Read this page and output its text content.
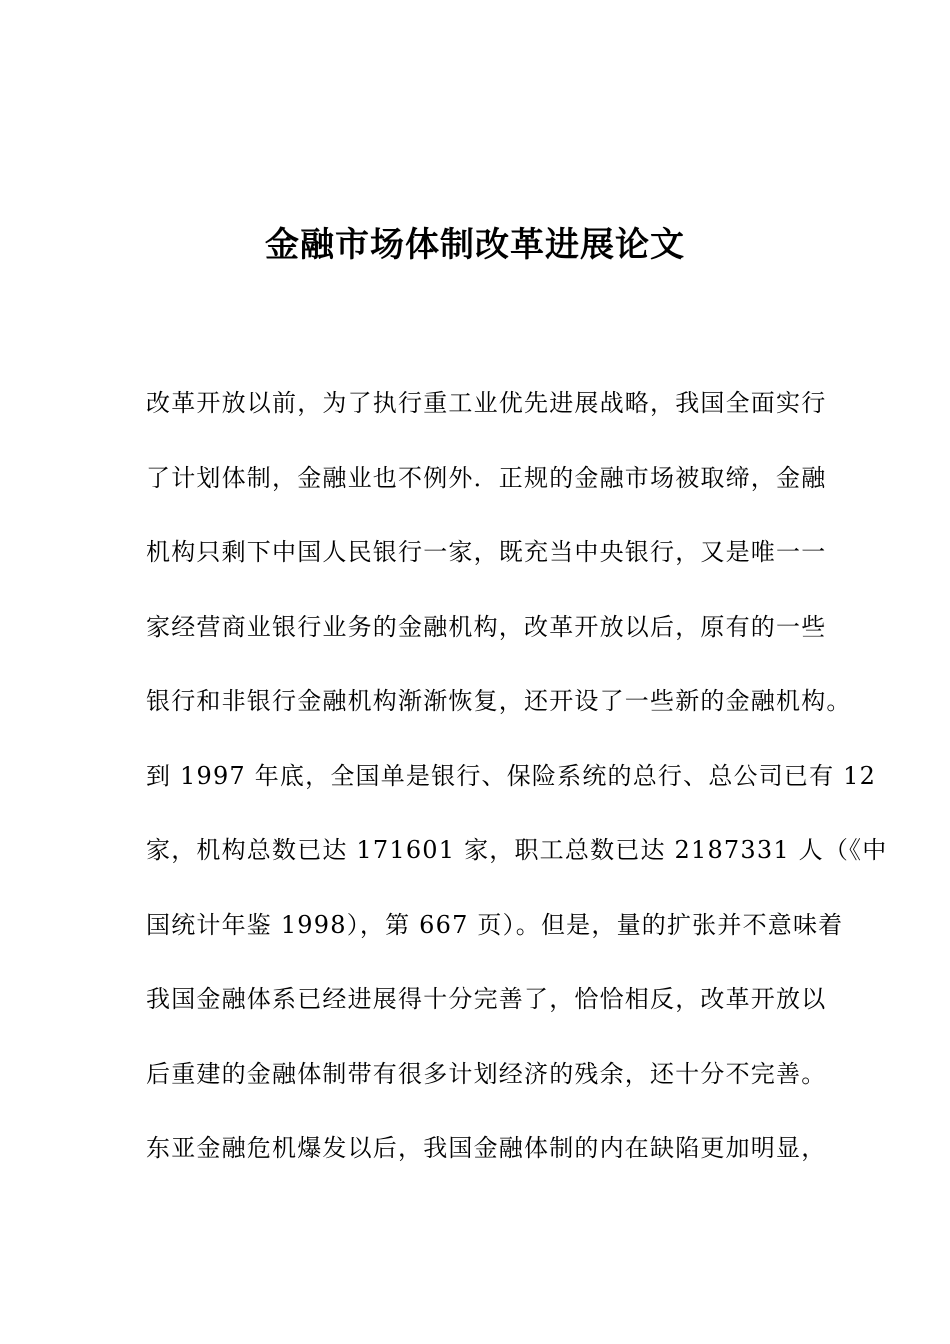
金融市场体制改革进展论文
改革开放以前，为了执行重工业优先进展战略，我国全面实行
了计划体制，金融业也不例外．正规的金融市场被取缔，金融
机构只剩下中国人民银行一家，既充当中央银行，又是唯一一
家经营商业银行业务的金融机构，改革开放以后，原有的一些
银行和非银行金融机构渐渐恢复，还开设了一些新的金融机构。
到 1997 年底，全国单是银行、保险系统的总行、总公司已有 12
家，机构总数已达 171601 家，职工总数已达 2187331 人（《中
国统计年鉴 1998），第 667 页）。但是，量的扩张并不意味着
我国金融体系已经进展得十分完善了，恰恰相反，改革开放以
后重建的金融体制带有很多计划经济的残余，还十分不完善。
东亚金融危机爆发以后，我国金融体制的内在缺陷更加明显，
